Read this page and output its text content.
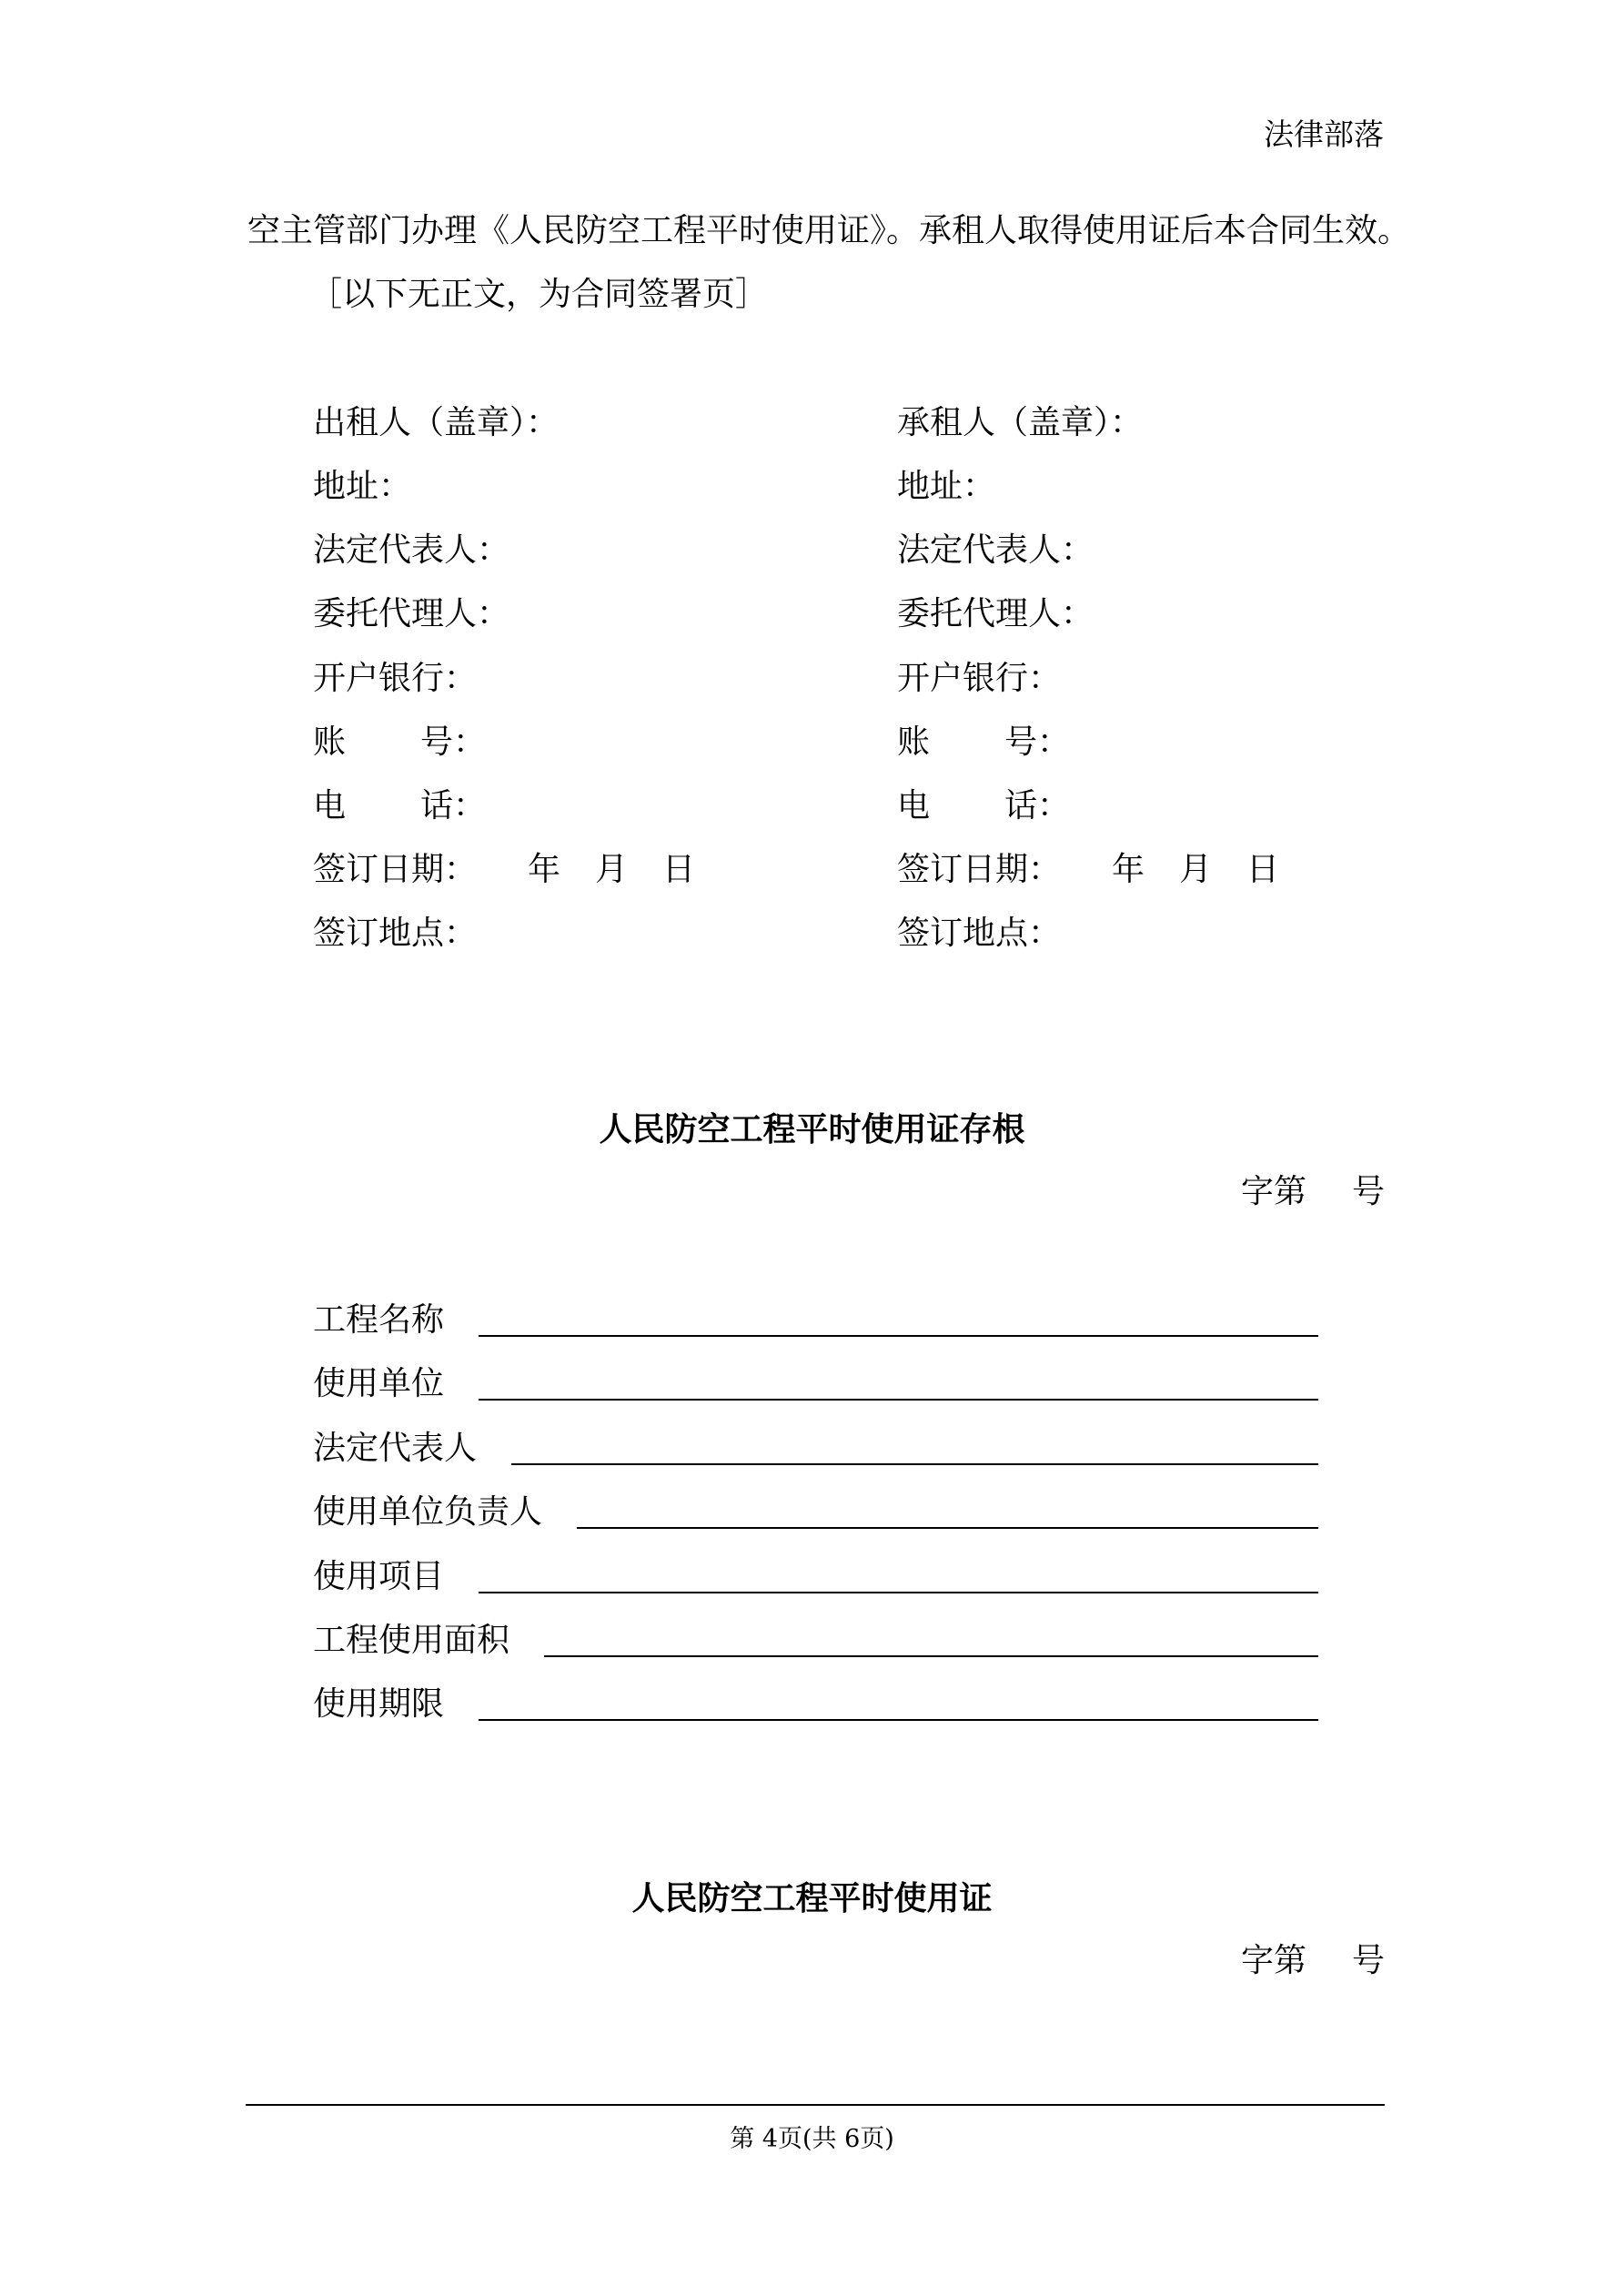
法律部落
空主管部门办理《人民防空工程平时使用证》。承租人取得使用证后本合同生效。
［以下无正文，为合同签署页］
出租人（盖章）：
地址：
法定代表人：
委托代理人：
开户银行：
账 号：
电 话：
签订日期： 年 月 日
签订地点：
承租人（盖章）：
地址：
法定代表人：
委托代理人：
开户银行：
账 号：
电 话：
签订日期： 年 月 日
签订地点：
人民防空工程平时使用证存根
字第 号
工程名称
使用单位
法定代表人
使用单位负责人
使用项目
工程使用面积
使用期限
人民防空工程平时使用证
字第 号
第 4页(共 6页)
